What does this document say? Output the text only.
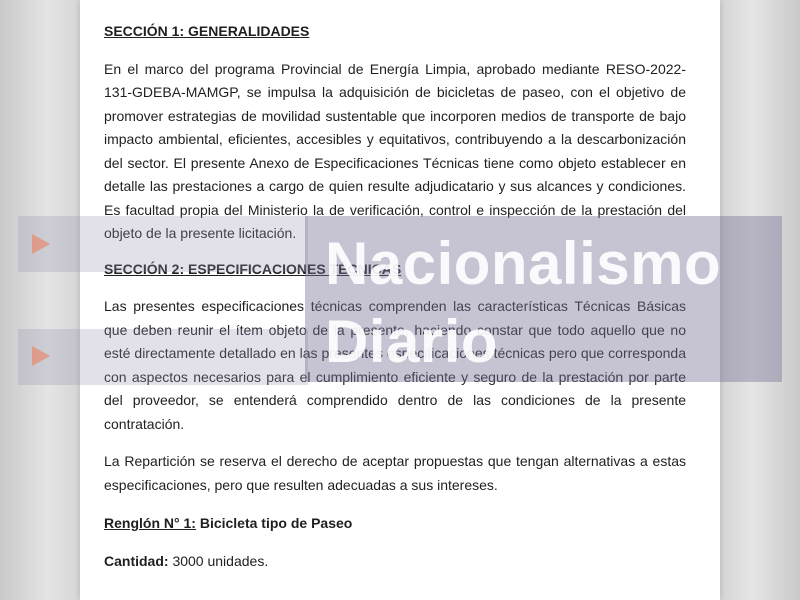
SECCIÓN 1: GENERALIDADES

En el marco del programa Provincial de Energía Limpia, aprobado mediante RESO-2022-131-GDEBA-MAMGP, se impulsa la adquisición de bicicletas de paseo, con el objetivo de promover estrategias de movilidad sustentable que incorporen medios de transporte de bajo impacto ambiental, eficientes, accesibles y equitativos, contribuyendo a la descarbonización del sector. El presente Anexo de Especificaciones Técnicas tiene como objeto establecer en detalle las prestaciones a cargo de quien resulte adjudicatario y sus alcances y condiciones. Es facultad propia del Ministerio la de verificación, control e inspección de la prestación del objeto de la presente licitación.

SECCIÓN 2: ESPECIFICACIONES TÉCNICAS

Las presentes especificaciones técnicas comprenden las características Técnicas Básicas que deben reunir el ítem objeto de la presente, haciendo constar que todo aquello que no esté directamente detallado en las presentes especificaciones técnicas pero que corresponda con aspectos necesarios para el cumplimiento eficiente y seguro de la prestación por parte del proveedor, se entenderá comprendido dentro de las condiciones de la presente contratación.

La Repartición se reserva el derecho de aceptar propuestas que tengan alternativas a estas especificaciones, pero que resulten adecuadas a sus intereses.

Renglón N° 1: Bicicleta tipo de Paseo

Cantidad: 3000 unidades.

Nacionalismo
Diario
